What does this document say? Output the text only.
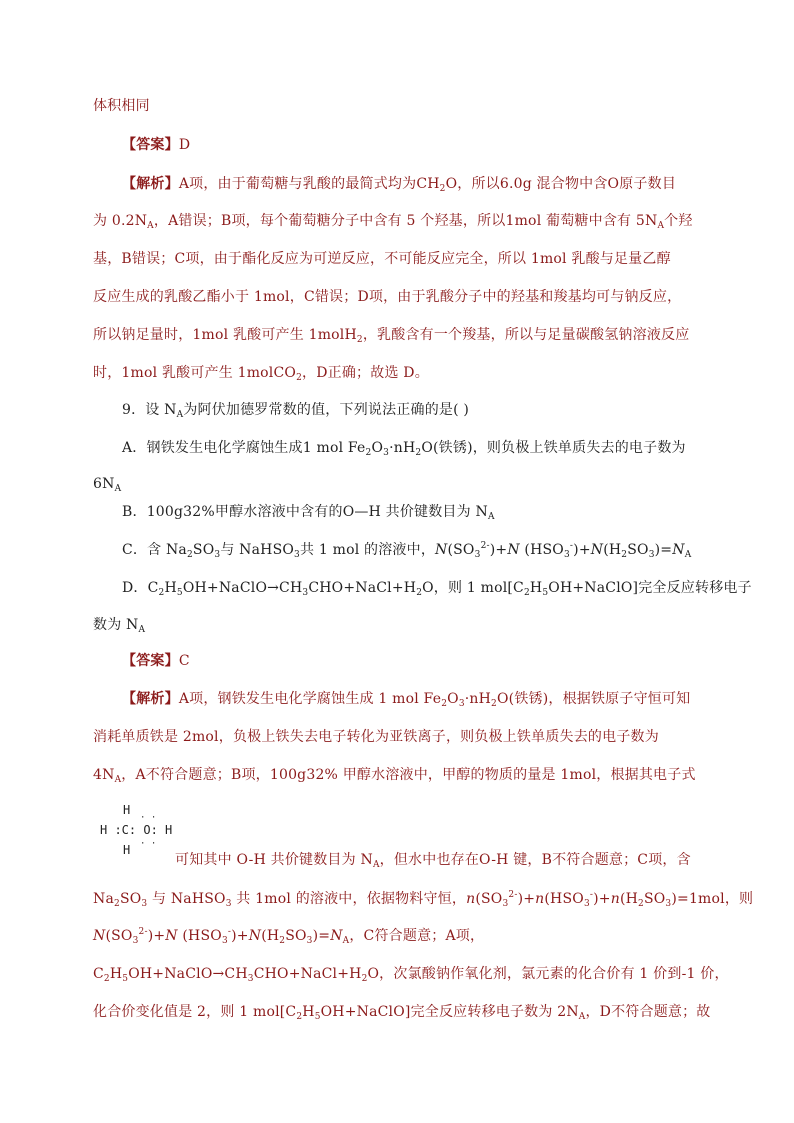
体积相同
【答案】D
【解析】A项，由于葡萄糖与乳酸的最简式均为$CH_2O$，所以6.0g 混合物中含O原子数目
为 $0.2N_A$，A错误；B项，每个葡萄糖分子中含有 5 个羟基，所以1mol 葡萄糖中含有 $5N_A$个羟
基，B错误；C项，由于酯化反应为可逆反应，不可能反应完全，所以 1mol 乳酸与足量乙醇
反应生成的乳酸乙酯小于 1mol，C错误；D项，由于乳酸分子中的羟基和羧基均可与钠反应，
所以钠足量时，1mol 乳酸可产生 1molH$_2$，乳酸含有一个羧基，所以与足量碳酸氢钠溶液反应
时，1mol 乳酸可产生 1molCO$_2$，D正确；故选 D。
9．设 $N_A$为阿伏加德罗常数的值，下列说法正确的是( )
A．钢铁发生电化学腐蚀生成1 mol $Fe_2O_3\cdot nH_2O$(铁锈)，则负极上铁单质失去的电子数为
$6N_A$
B．100g32%甲醇水溶液中含有的O—H 共价键数目为 $N_A$
C．含 $Na_2SO_3$与 NaHSO$_3$共 1 mol 的溶液中，$N(SO_3^{2-})+N$ $(HSO_3^-)+N(H_2SO_3)=N_A$
D．$C_2H_5OH+NaClO\to CH_3CHO+NaCl+H_2O$，则 1 $mol[C_2H_5OH+NaClO]$完全反应转移电子
数为 $N_A$
【答案】C
【解析】A项，钢铁发生电化学腐蚀生成 1 mol $Fe_2O_3\cdot nH_2O$(铁锈)，根据铁原子守恒可知
消耗单质铁是 2mol，负极上铁失去电子转化为亚铁离子，则负极上铁单质失去的电子数为
$4N_A$，A不符合题意；B项，100g32% 甲醇水溶液中，甲醇的物质的量是 1mol，根据其电子式
H
· ·
H :C: O: H
H · ·
可知其中 O-H 共价键数目为 $N_A$，但水中也存在O-H 键，B不符合题意；C项，含
$Na_2SO_3$ 与 NaHSO$_3$ 共 1mol 的溶液中，依据物料守恒，$n(SO_3^{2-})+n(HSO_3^-)+n(H_2SO_3)=1mol$，则
$N(SO_3^{2-})+N$ $(HSO_3^-)+N(H_2SO_3)=N_A$，C符合题意；A项，
$C_2H_5OH+NaClO\to CH_3CHO+NaCl+H_2O$，次氯酸钠作氧化剂，氯元素的化合价有 1 价到-1 价，
化合价变化值是 2，则 1 $mol[C_2H_5OH+NaClO]$完全反应转移电子数为 $2N_A$，D不符合题意；故
